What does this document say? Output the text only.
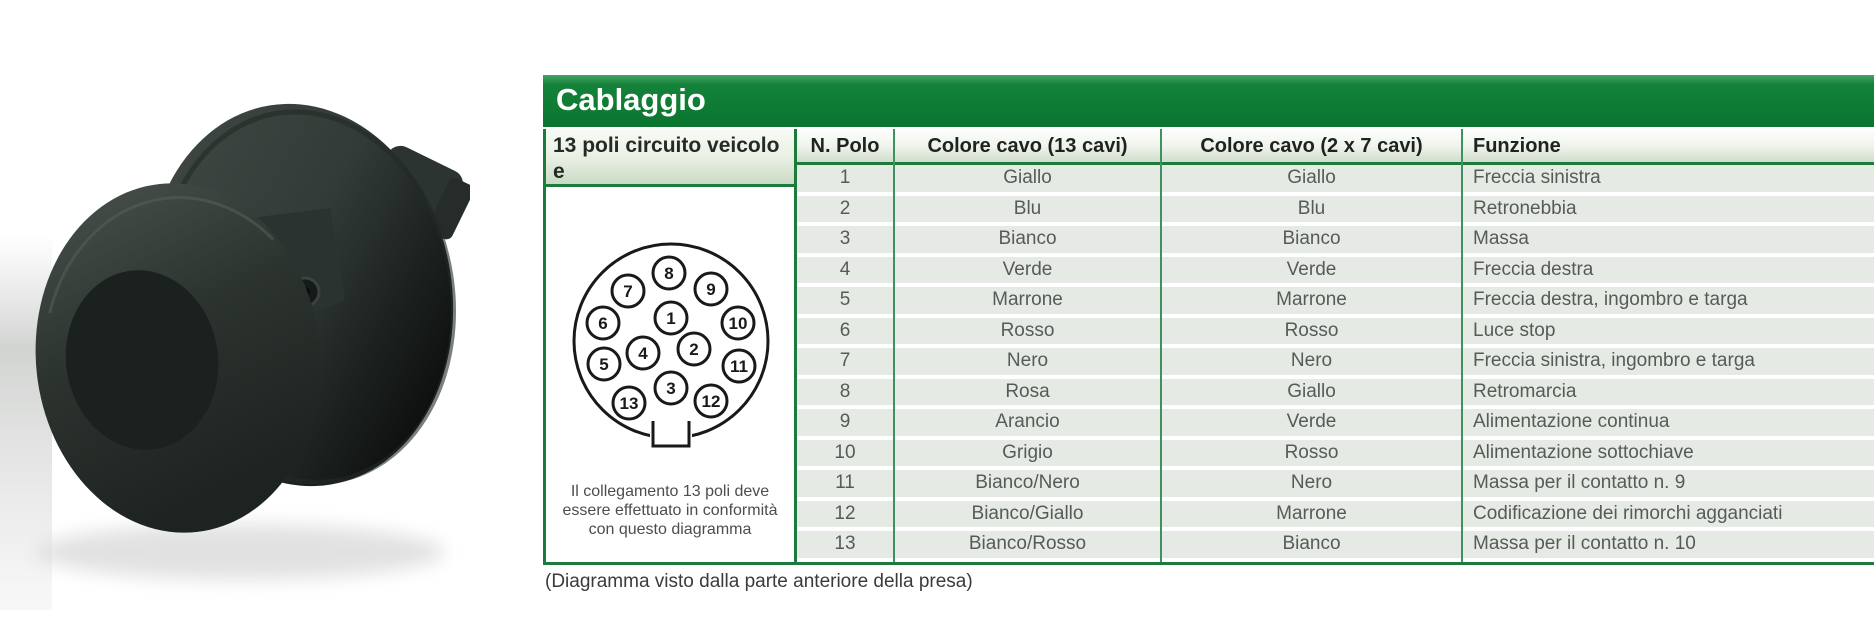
Cablaggio
13 poli circuito veicolo e
1
2
3
4
5
6
7
8
9
10
11
12
13
Il collegamento 13 poli deve
essere effettuato in conformità
con questo diagramma
N. Polo
1
2
3
4
5
6
7
8
9
10
11
12
13
Colore cavo (13 cavi)
Giallo
Blu
Bianco
Verde
Marrone
Rosso
Nero
Rosa
Arancio
Grigio
Bianco/Nero
Bianco/Giallo
Bianco/Rosso
Colore cavo (2 x 7 cavi)
Giallo
Blu
Bianco
Verde
Marrone
Rosso
Nero
Giallo
Verde
Rosso
Nero
Marrone
Bianco
Funzione
Freccia sinistra
Retronebbia
Massa
Freccia destra
Freccia destra, ingombro e targa
Luce stop
Freccia sinistra, ingombro e targa
Retromarcia
Alimentazione continua
Alimentazione sottochiave
Massa per il contatto n. 9
Codificazione dei rimorchi agganciati
Massa per il contatto n. 10
(Diagramma visto dalla parte anteriore della presa)
